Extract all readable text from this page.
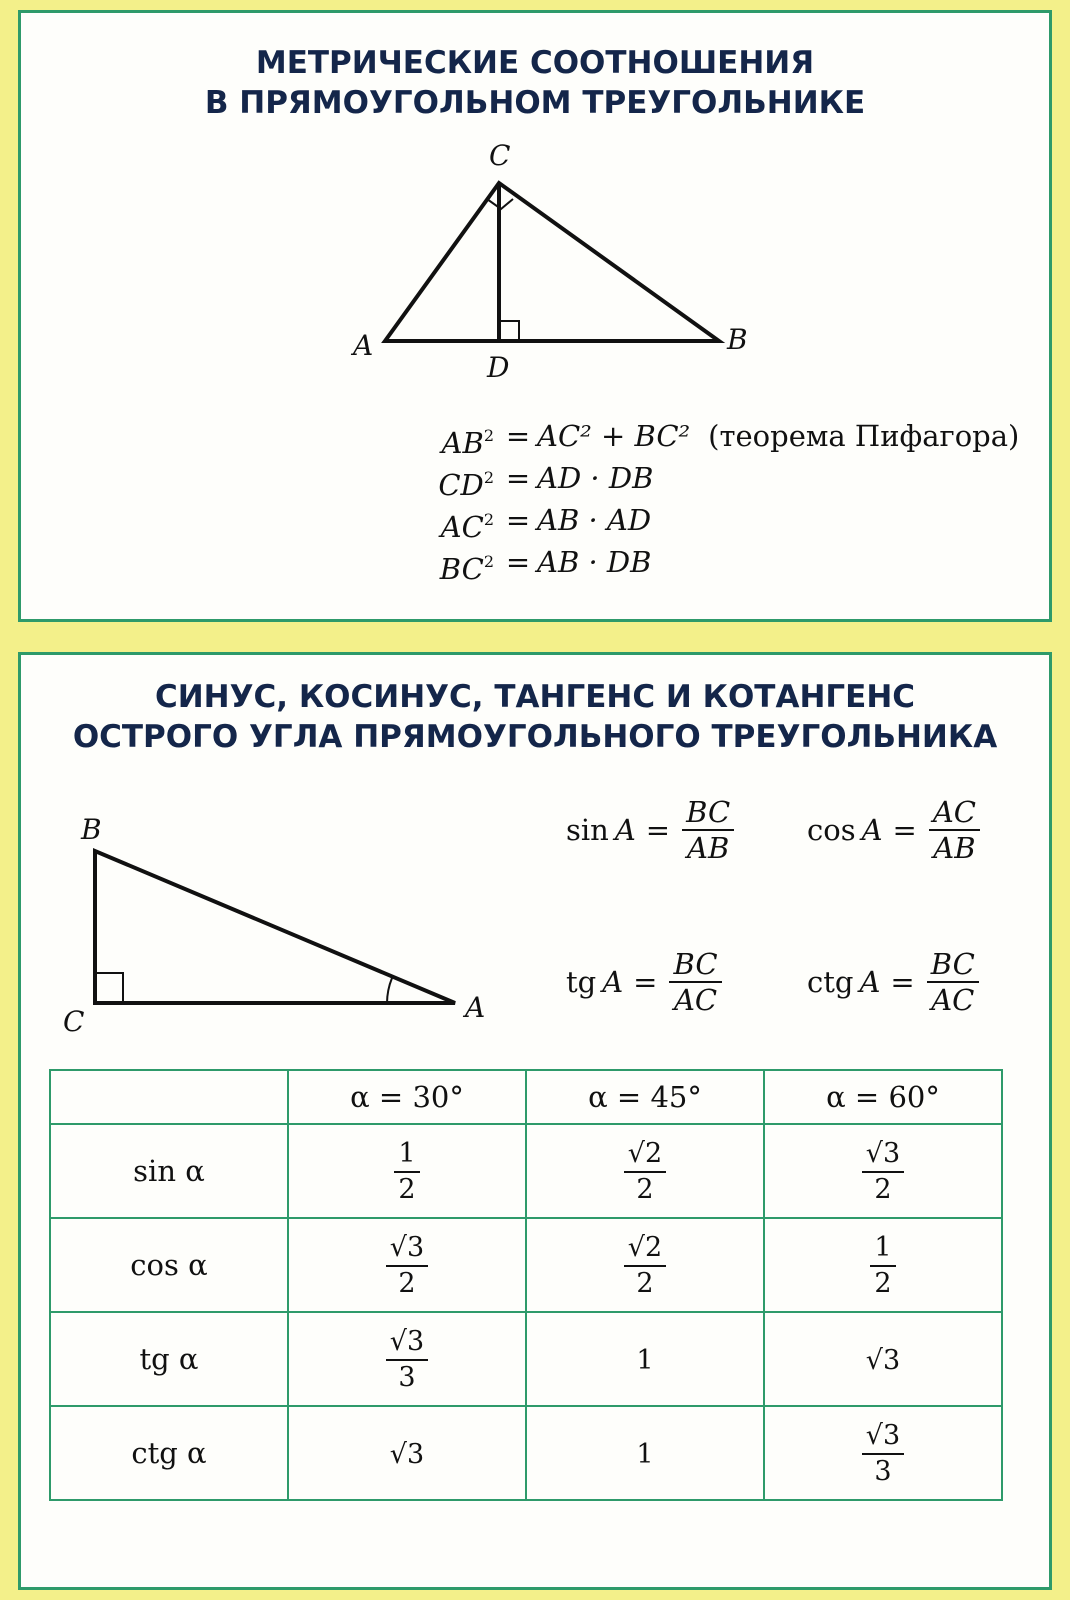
МЕТРИЧЕСКИЕ СООТНОШЕНИЯ
В ПРЯМОУГОЛЬНОМ ТРЕУГОЛЬНИКЕ
C
A	B
D
$AB^2 = AC^2 + BC^2$ (теорема Пифагора)
$CD^2$ = AD · DB
$AC^2$ = AB · AD
$BC^2$ = AB · DB
СИНУС, КОСИНУС, ТАНГЕНС И КОТАНГЕНС
ОСТРОГО УГЛА ПРЯМОУГОЛЬНОГО ТРЕУГОЛЬНИКА
B
C	A
$\sin A = \frac{BC}{AB}$	$\cos A = \frac{AC}{AB}$
tg $A = \frac{BC}{AC}$	ctg $A = \frac{BC}{AC}$
	α = 30°	α = 45°	α = 60°
sin α	$\frac{1}{2}$	$\frac{√2}{2}$	$\frac{√3}{2}$

cos α	$\frac{√3}{2}$	$\frac{√2}{2}$	$\frac{1}{2}$

tg α	$\frac{√3}{3}$	1	√3
ctg α	√3	1	$\frac{√3}{3}$
